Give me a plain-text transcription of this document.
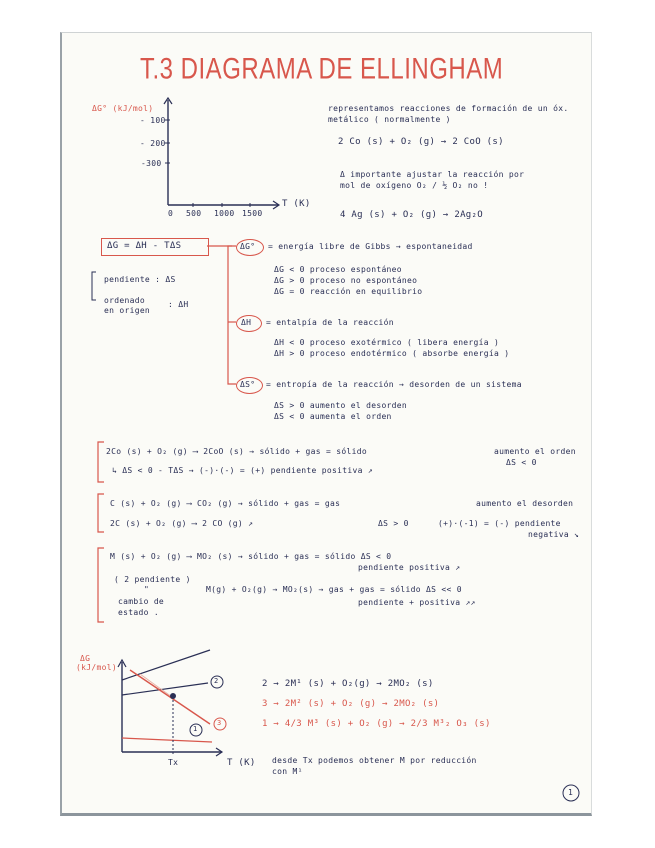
T.3 DIAGRAMA DE ELLINGHAM
ΔG° (kJ/mol)
- 100
- 200
-300
0 500 1000 1500
T (K)
representamos reacciones de formación de un óx.
metálico ( normalmente )
2 Co (s) + O₂ (g) → 2 CoO (s)
Δ importante ajustar la reacción por
mol de oxígeno O₂ / ½ O₂ no !
4 Ag (s) + O₂ (g) → 2Ag₂O
ΔG = ΔH - TΔS
pendiente : ΔS
ordenado
en origen
: ΔH
ΔG° = energía libre de Gibbs → espontaneidad
ΔG < 0 proceso espontáneo
ΔG > 0 proceso no espontáneo
ΔG = 0 reacción en equilibrio
ΔH = entalpía de la reacción
ΔH < 0 proceso exotérmico ( libera energía )
ΔH > 0 proceso endotérmico ( absorbe energía )
ΔS° = entropía de la reacción → desorden de un sistema
ΔS > 0 aumento el desorden
ΔS < 0 aumenta el orden
2Co (s) + O₂ (g) ⟶ 2CoO (s) → sólido + gas = sólido	aumento el orden
ΔS < 0
↳ ΔS < 0 - TΔS → (-)·(-) = (+) pendiente positiva ↗
C (s) + O₂ (g) ⟶ CO₂ (g) → sólido + gas = gas	aumento el desorden
2C (s) + O₂ (g) ⟶ 2 CO (g) ↗	ΔS > 0	(+)·(-1) = (-) pendiente
negativa ↘
M (s) + O₂ (g) ⟶ MO₂ (s) → sólido + gas = sólido ΔS < 0
pendiente positiva ↗
( 2 pendiente )
"
cambio de
estado .
M(g) + O₂(g) → MO₂(s) → gas + gas = sólido ΔS << 0
pendiente + positiva ↗↗
ΔG
(kJ/mol)
T (K)
Tx
2
1
3
2 → 2M¹ (s) + O₂(g) → 2MO₂ (s)
3 → 2M² (s) + O₂ (g) → 2MO₂ (s)
1 → 4/3 M³ (s) + O₂ (g) → 2/3 M³₂ O₃ (s)
desde Tx podemos obtener M por reducción
con M¹
1
